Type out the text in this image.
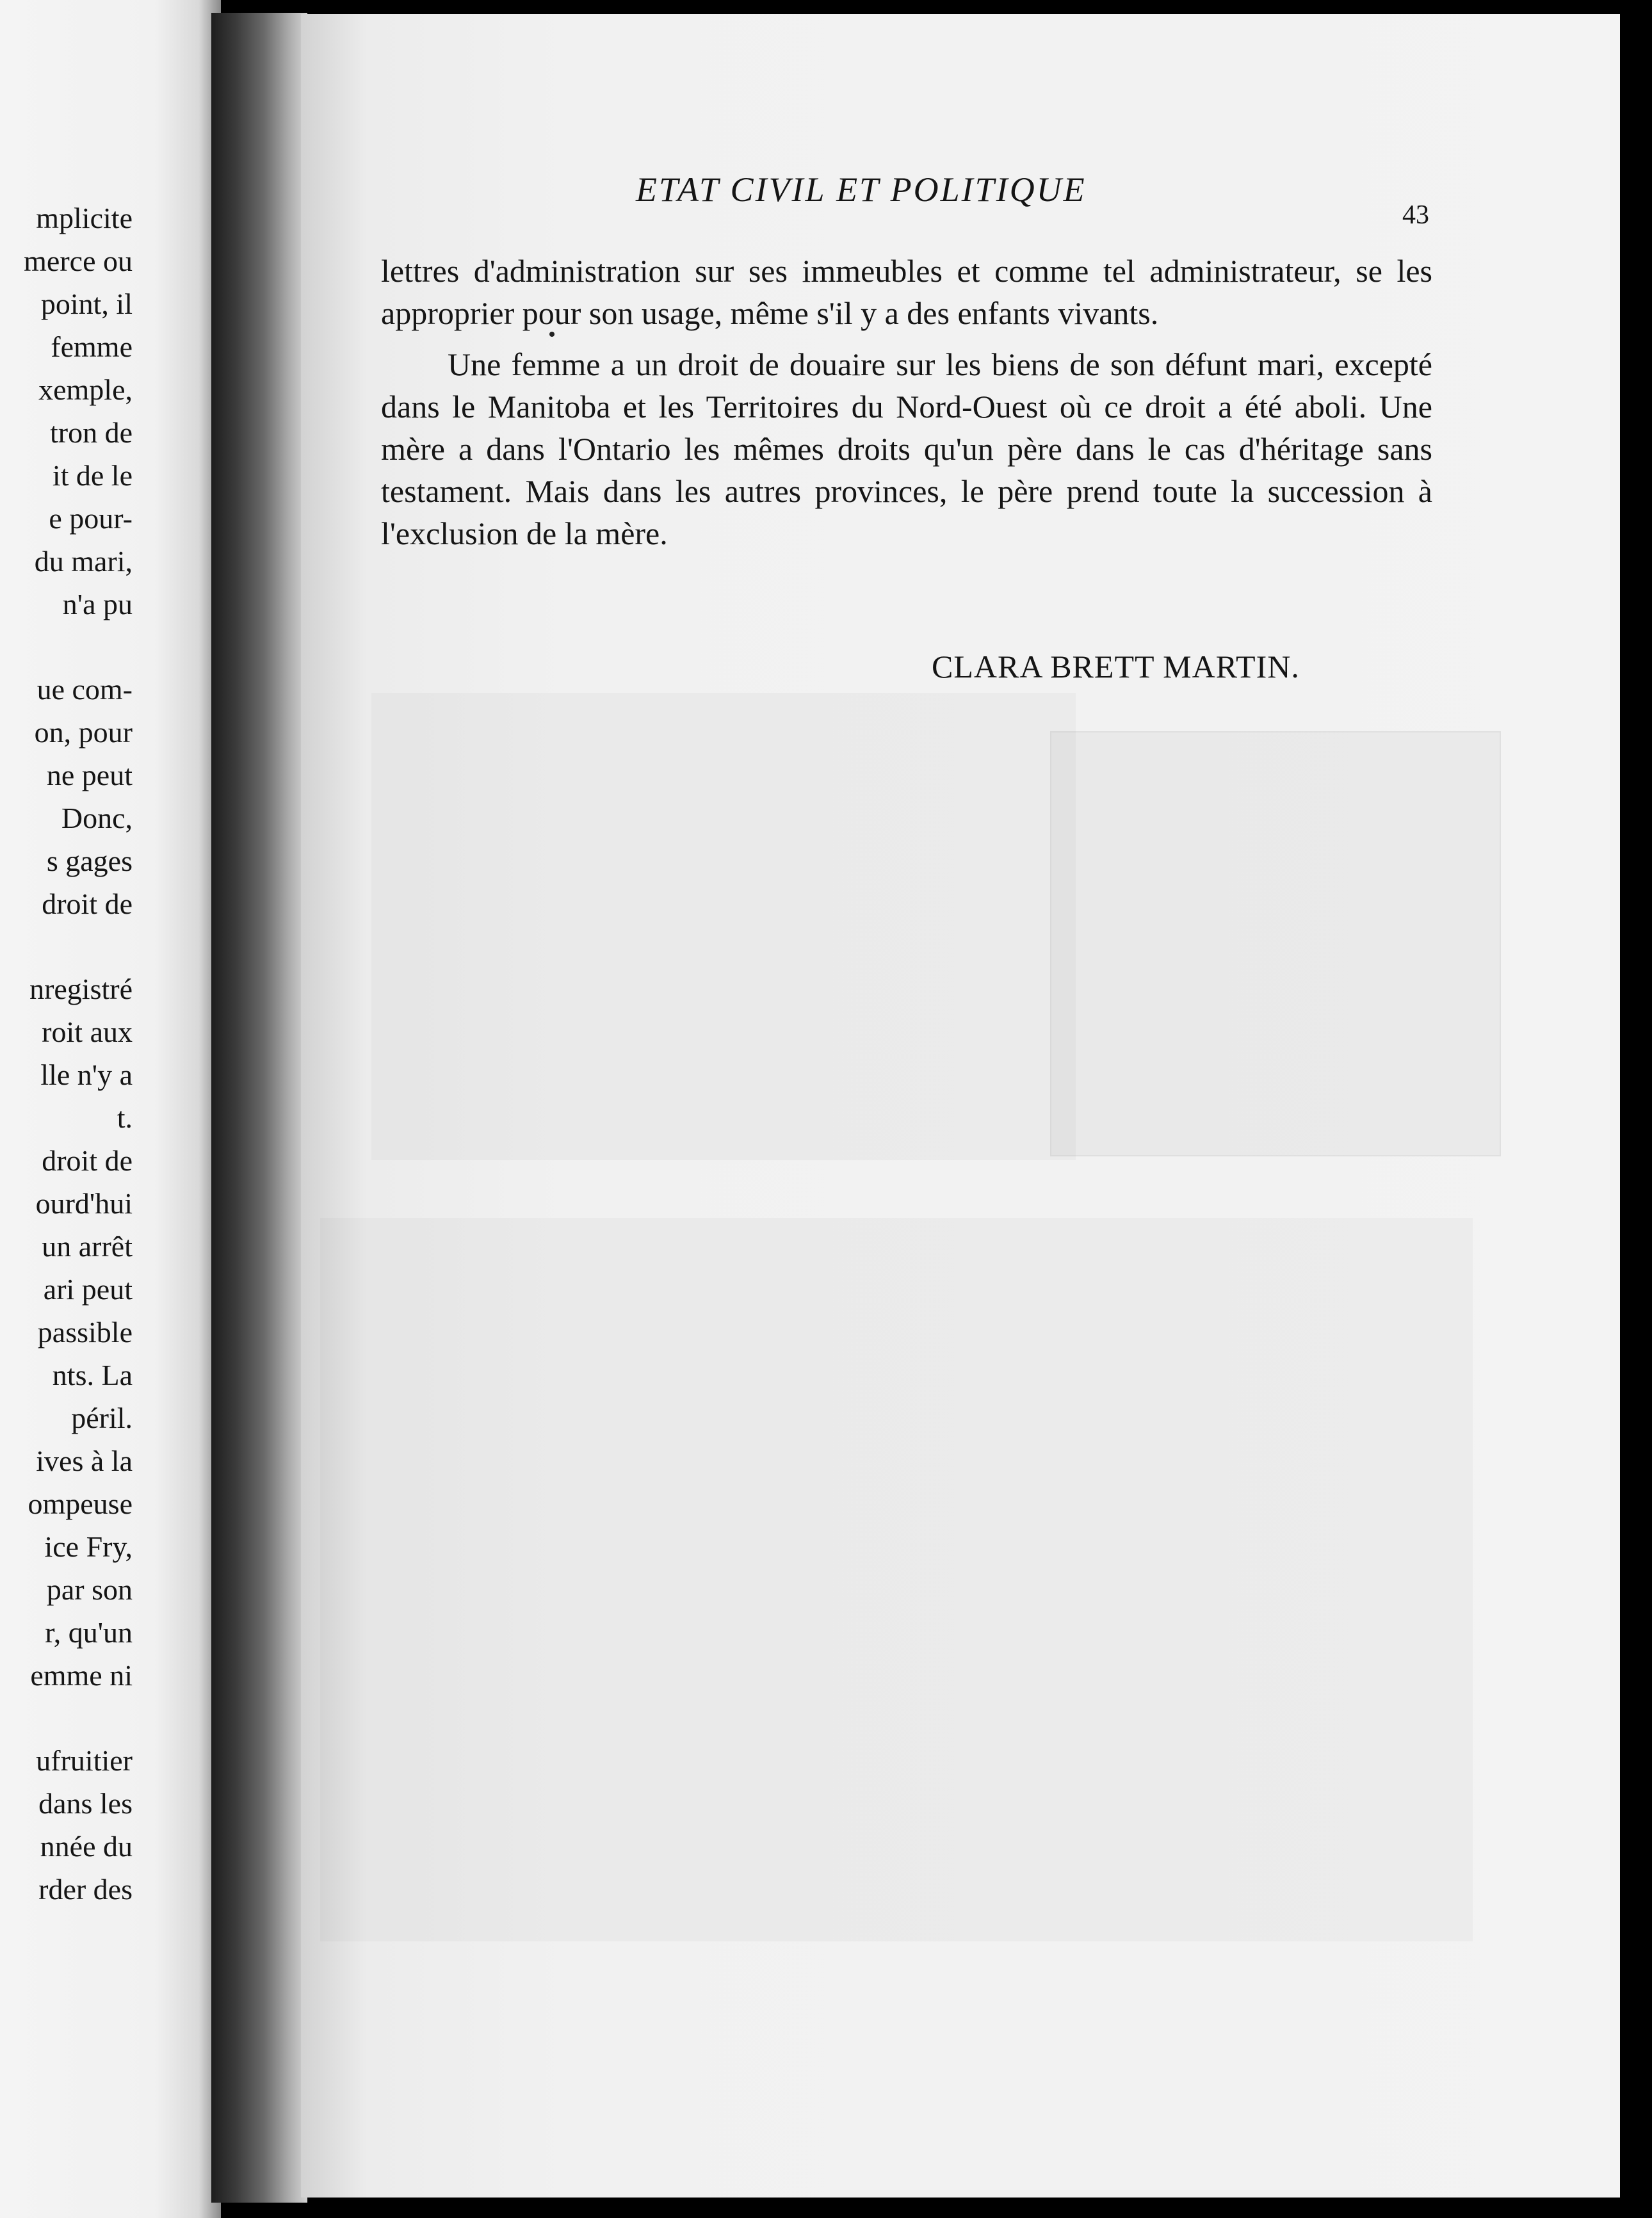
mplicite
merce ou
point, il
femme
xemple,
tron de
it de le
e pour-
du mari,
n'a pu
ue com-
on, pour
ne peut
Donc,
s gages
droit de
nregistré
roit aux
lle n'y a
t.
droit de
ourd'hui
un arrêt
ari peut
passible
nts. La
péril.
ives à la
ompeuse
ice Fry,
par son
r, qu'un
emme ni
ufruitier
dans les
nnée du
rder des
ETAT CIVIL ET POLITIQUE
43

lettres d'administration sur ses immeubles et comme tel administrateur, se les approprier pour son usage, même s'il y a des enfants vivants.

Une femme a un droit de douaire sur les biens de son défunt mari, excepté dans le Manitoba et les Territoires du Nord-Ouest où ce droit a été aboli. Une mère a dans l'Ontario les mêmes droits qu'un père dans le cas d'héritage sans testament. Mais dans les autres provinces, le père prend toute la succession à l'exclusion de la mère.

CLARA BRETT MARTIN.
